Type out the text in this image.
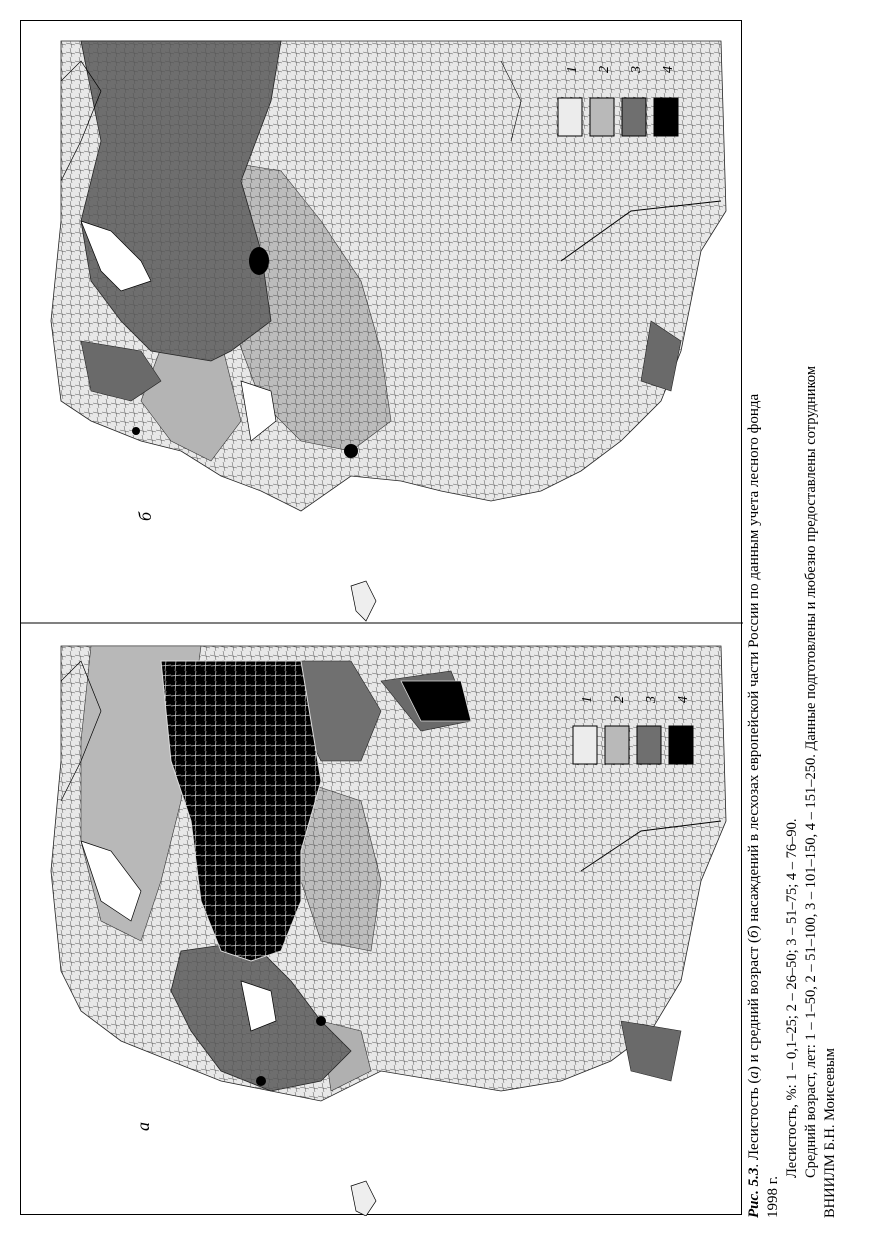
1 2 3 4
б
1 2 3 4
а
Рис. 5.3. Лесистость (а) и средний возраст (б) насаждений в лесхозах европейской части России по данным учета лесного фонда
1998 г.
Лесистость, %: 1 – 0,1–25; 2 – 26–50; 3 – 51–75; 4 – 76–90. Средний возраст, лет: 1 – 1–50, 2 – 51–100, 3 – 101–150, 4 – 151–250. Данные подготовлены и любезно предоставлены сотрудником ВНИИЛМ Б.Н. Моисеевым
